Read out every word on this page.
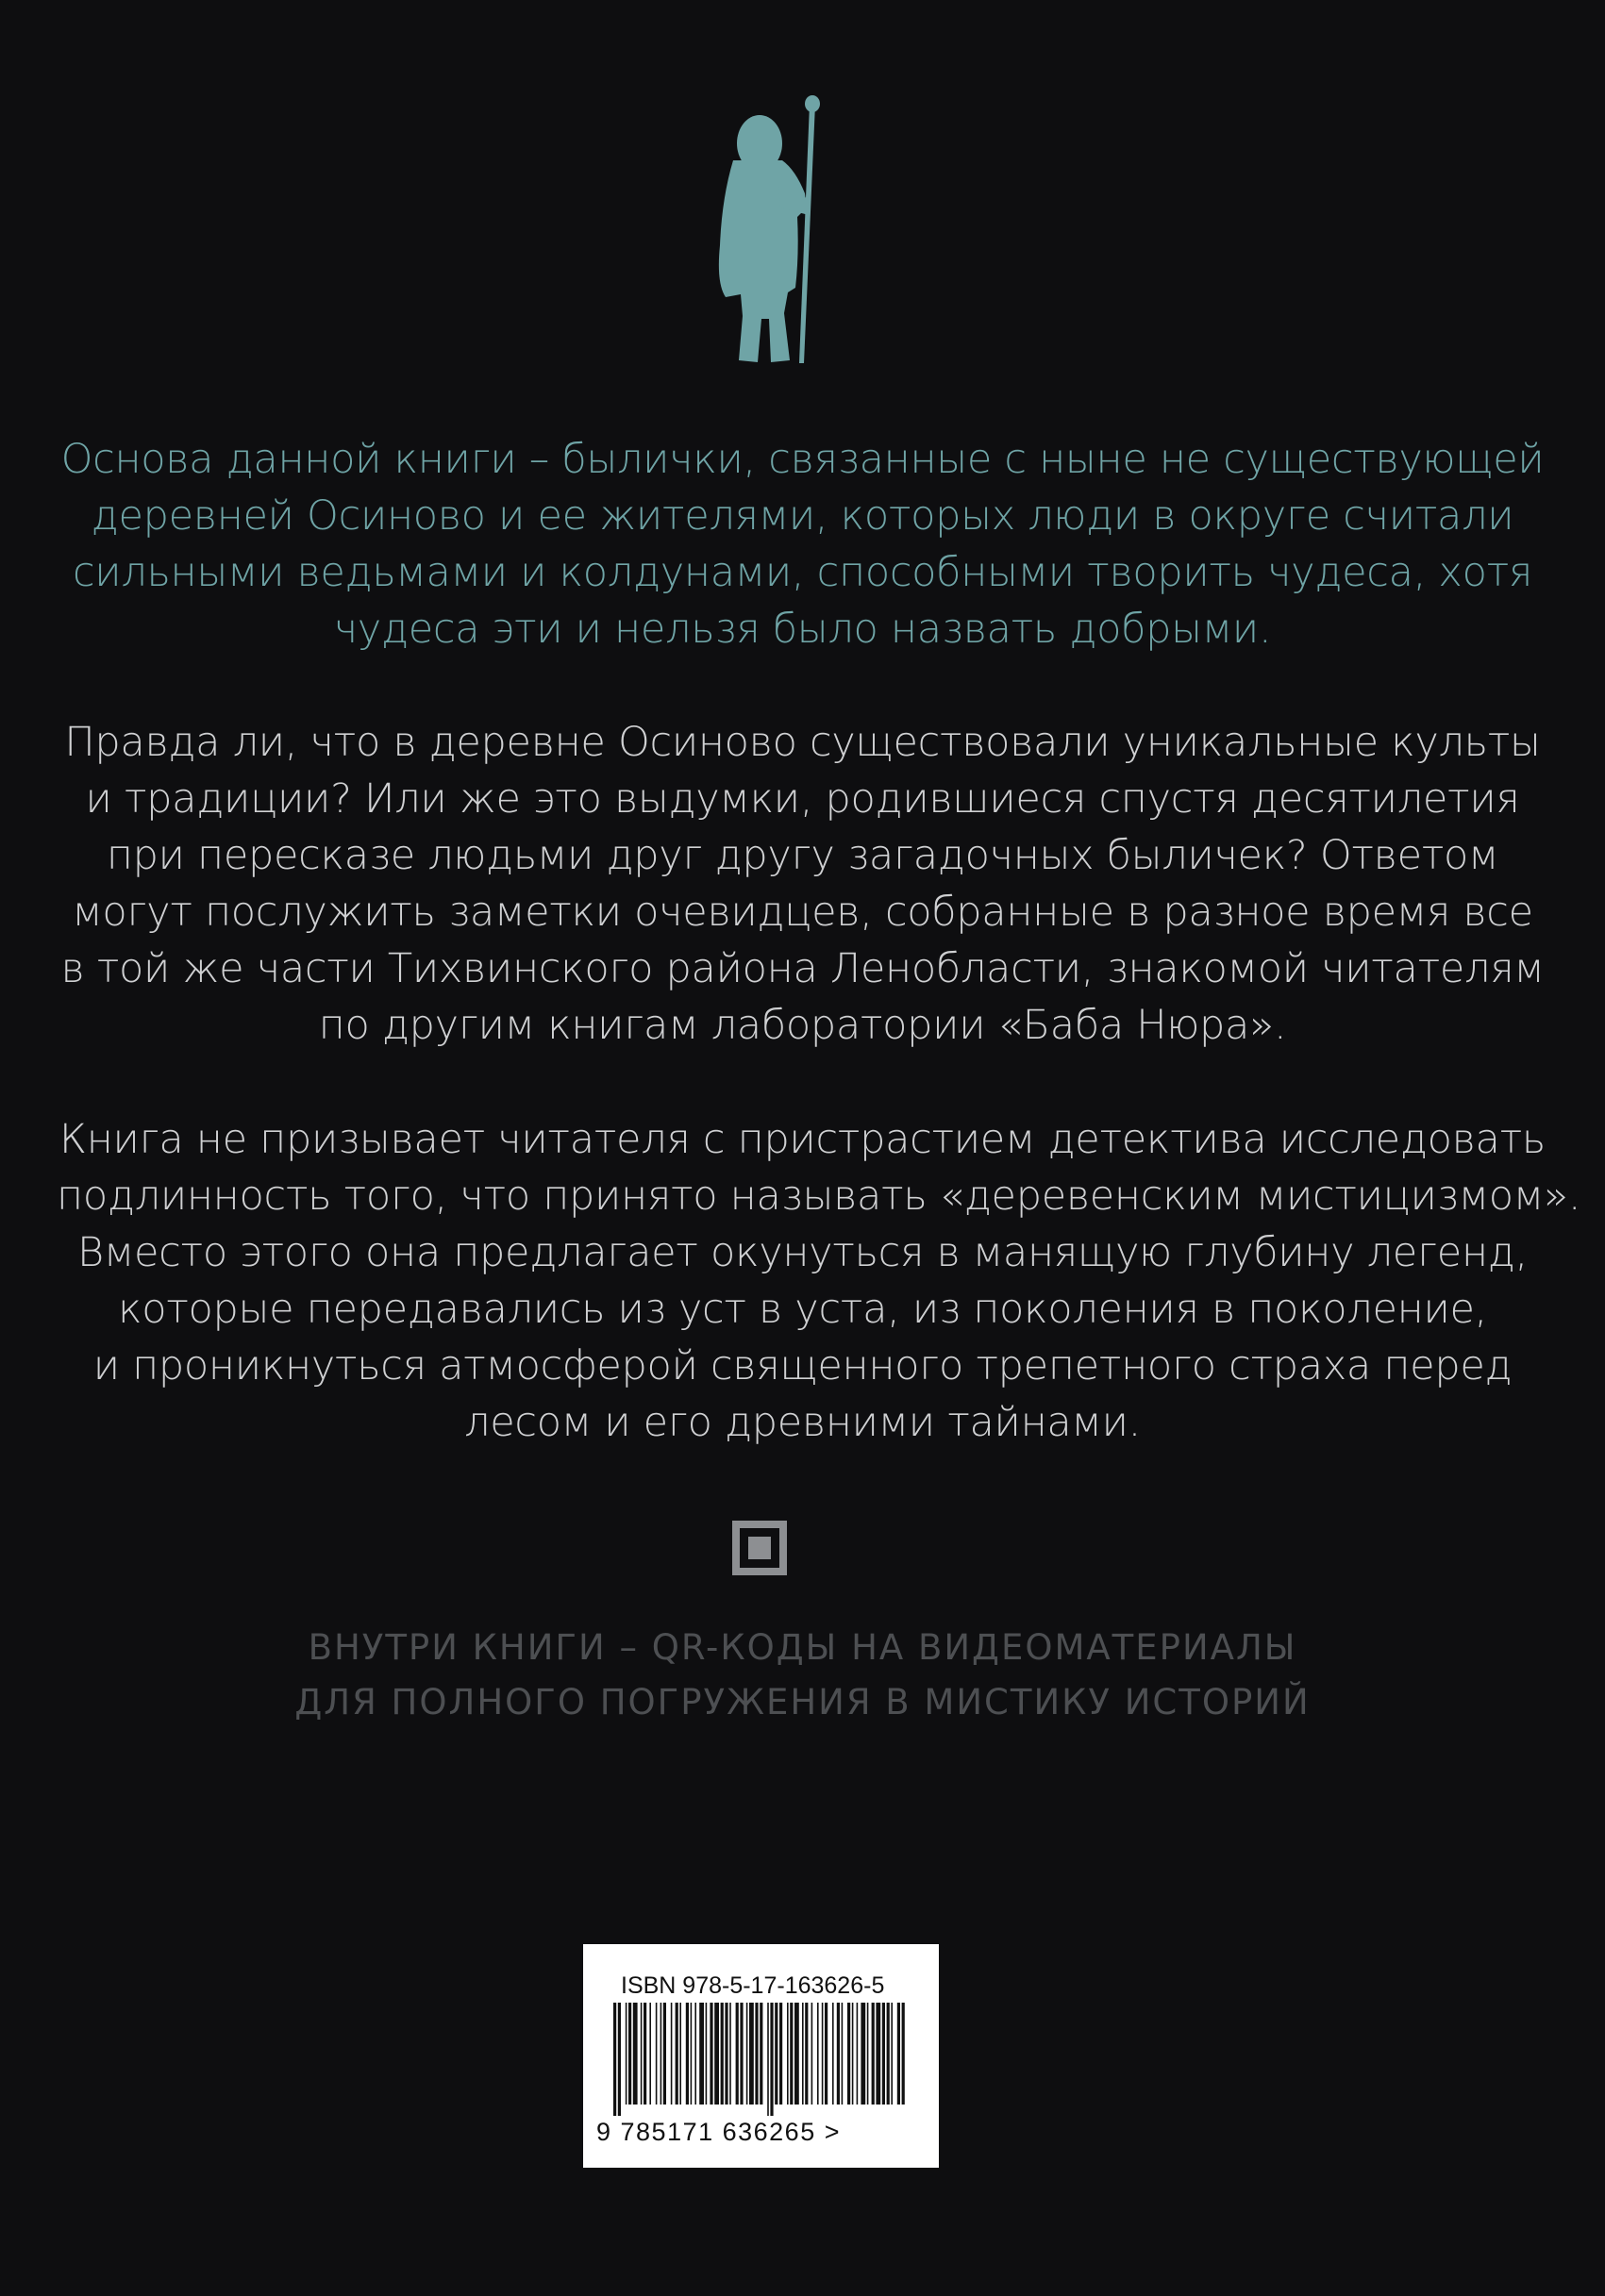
Основа данной книги – былички, связанные с ныне не существующей
деревней Осиново и ее жителями, которых люди в округе считали
сильными ведьмами и колдунами, способными творить чудеса, хотя
чудеса эти и нельзя было назвать добрыми.

Правда ли, что в деревне Осиново существовали уникальные культы
и традиции? Или же это выдумки, родившиеся спустя десятилетия
при пересказе людьми друг другу загадочных быличек? Ответом
могут послужить заметки очевидцев, собранные в разное время все
в той же части Тихвинского района Ленобласти, знакомой читателям
по другим книгам лаборатории «Баба Нюра».

Книга не призывает читателя с пристрастием детектива исследовать
подлинность того, что принято называть «деревенским мистицизмом».
Вместо этого она предлагает окунуться в манящую глубину легенд,
которые передавались из уст в уста, из поколения в поколение,
и проникнуться атмосферой священного трепетного страха перед
лесом и его древними тайнами.

ВНУТРИ КНИГИ – QR-КОДЫ НА ВИДЕОМАТЕРИАЛЫ
ДЛЯ ПОЛНОГО ПОГРУЖЕНИЯ В МИСТИКУ ИСТОРИЙ

ISBN 978-5-17-163626-5
9 785171 636265 >
